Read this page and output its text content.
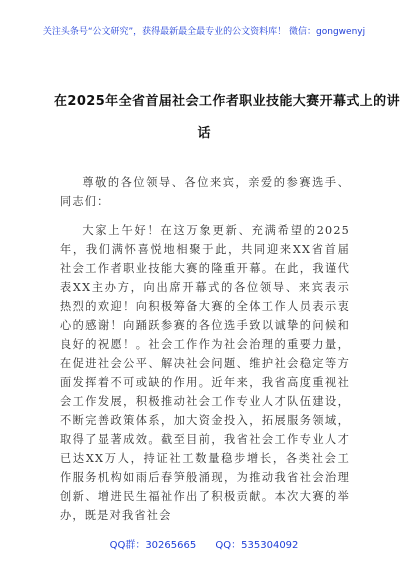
关注头条号“公文研究”，获得最新最全最专业的公文资料库！ 微信：gongwenyj
在2025年全省首届社会工作者职业技能大赛开幕式上的讲
话

尊敬的各位领导、各位来宾，亲爱的参赛选手、同志们：

大家上午好！在这万象更新、充满希望的2025年，我们满怀喜悦地相聚于此，共同迎来XX省首届社会工作者职业技能大赛的隆重开幕。在此，我谨代表XX主办方，向出席开幕式的各位领导、来宾表示热烈的欢迎！向积极筹备大赛的全体工作人员表示衷心的感谢！向踊跃参赛的各位选手致以诚挚的问候和良好的祝愿！。社会工作作为社会治理的重要力量，在促进社会公平、解决社会问题、维护社会稳定等方面发挥着不可或缺的作用。近年来，我省高度重视社会工作发展，积极推动社会工作专业人才队伍建设，不断完善政策体系，加大资金投入，拓展服务领域，取得了显著成效。截至目前，我省社会工作专业人才已达XX万人，持证社工数量稳步增长，各类社会工作服务机构如雨后春笋般涌现，为推动我省社会治理创新、增进民生福祉作出了积极贡献。本次大赛的举办，既是对我省社会

QQ群：30265665 QQ：535304092
